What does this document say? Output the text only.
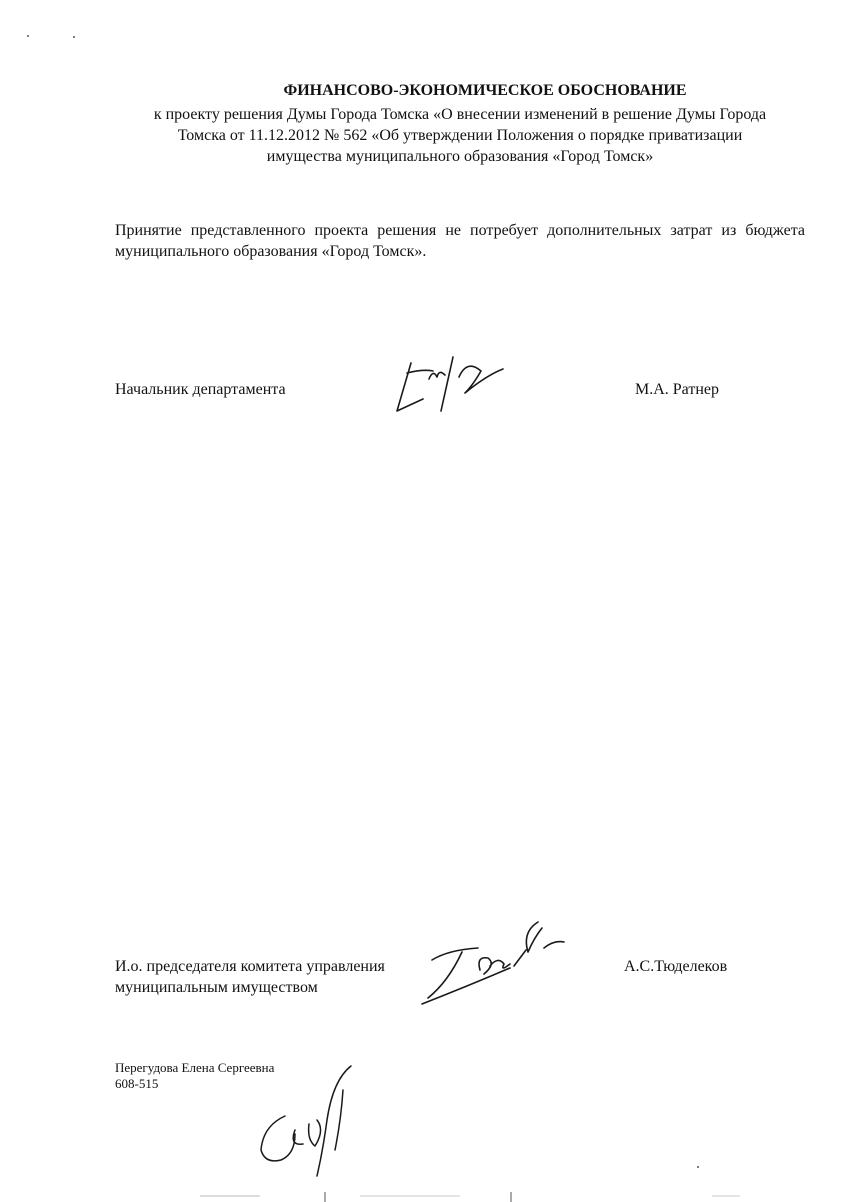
ФИНАНСОВО-ЭКОНОМИЧЕСКОЕ ОБОСНОВАНИЕ
к проекту решения Думы Города Томска «О внесении изменений в решение Думы Города
Томска от 11.12.2012 № 562 «Об утверждении Положения о порядке приватизации
имущества муниципального образования «Город Томск»
Принятие представленного проекта решения не потребует дополнительных затрат из бюджета муниципального образования «Город Томск».
Начальник департамента	М.А. Ратнер
И.о. председателя комитета управления
муниципальным имуществом
А.С.Тюделеков
Перегудова Елена Сергеевна
608-515
